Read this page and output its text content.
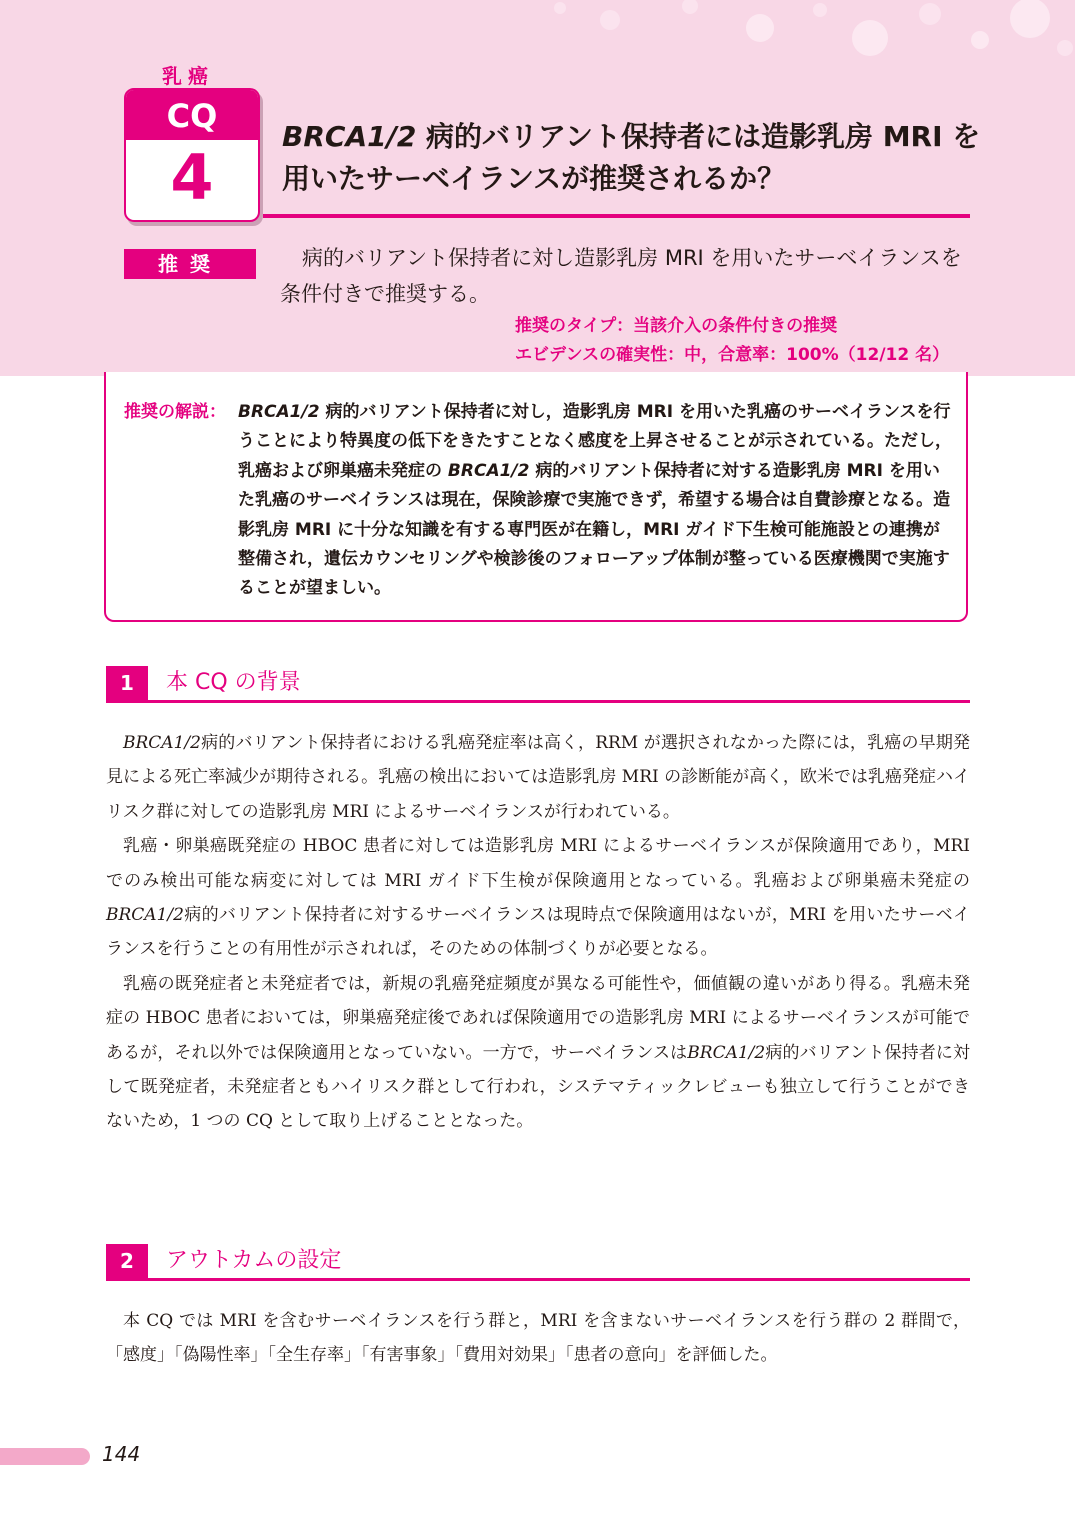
乳癌
CQ
4
BRCA1/2 病的バリアント保持者には造影乳房 MRI を用いたサーベイランスが推奨されるか？
推奨	病的バリアント保持者に対し造影乳房 MRI を用いたサーベイランスを条件付きで推奨する。
推奨のタイプ：当該介入の条件付きの推奨
エビデンスの確実性：中，合意率：100%（12/12 名）
推奨の解説： BRCA1/2 病的バリアント保持者に対し，造影乳房 MRI を用いた乳癌のサーベイランスを行うことにより特異度の低下をきたすことなく感度を上昇させることが示されている。ただし，乳癌および卵巣癌未発症の BRCA1/2 病的バリアント保持者に対する造影乳房 MRI を用いた乳癌のサーベイランスは現在，保険診療で実施できず，希望する場合は自費診療となる。造影乳房 MRI に十分な知識を有する専門医が在籍し，MRI ガイド下生検可能施設との連携が整備され，遺伝カウンセリングや検診後のフォローアップ体制が整っている医療機関で実施することが望ましい。
1	本 CQ の背景

BRCA1/2病的バリアント保持者における乳癌発症率は高く，RRM が選択されなかった際には，乳癌の早期発見による死亡率減少が期待される。乳癌の検出においては造影乳房 MRI の診断能が高く，欧米では乳癌発症ハイリスク群に対しての造影乳房 MRI によるサーベイランスが行われている。

乳癌・卵巣癌既発症の HBOC 患者に対しては造影乳房 MRI によるサーベイランスが保険適用であり，MRI でのみ検出可能な病変に対しては MRI ガイド下生検が保険適用となっている。乳癌および卵巣癌未発症の BRCA1/2病的バリアント保持者に対するサーベイランスは現時点で保険適用はないが，MRI を用いたサーベイランスを行うことの有用性が示されれば，そのための体制づくりが必要となる。

乳癌の既発症者と未発症者では，新規の乳癌発症頻度が異なる可能性や，価値観の違いがあり得る。乳癌未発症の HBOC 患者においては，卵巣癌発症後であれば保険適用での造影乳房 MRI によるサーベイランスが可能であるが，それ以外では保険適用となっていない。一方で，サーベイランスはBRCA1/2病的バリアント保持者に対して既発症者，未発症者ともハイリスク群として行われ，システマティックレビューも独立して行うことができないため，1 つの CQ として取り上げることとなった。

2	アウトカムの設定

本 CQ では MRI を含むサーベイランスを行う群と，MRI を含まないサーベイランスを行う群の 2 群間で，「感度」「偽陽性率」「全生存率」「有害事象」「費用対効果」「患者の意向」を評価した。

144
